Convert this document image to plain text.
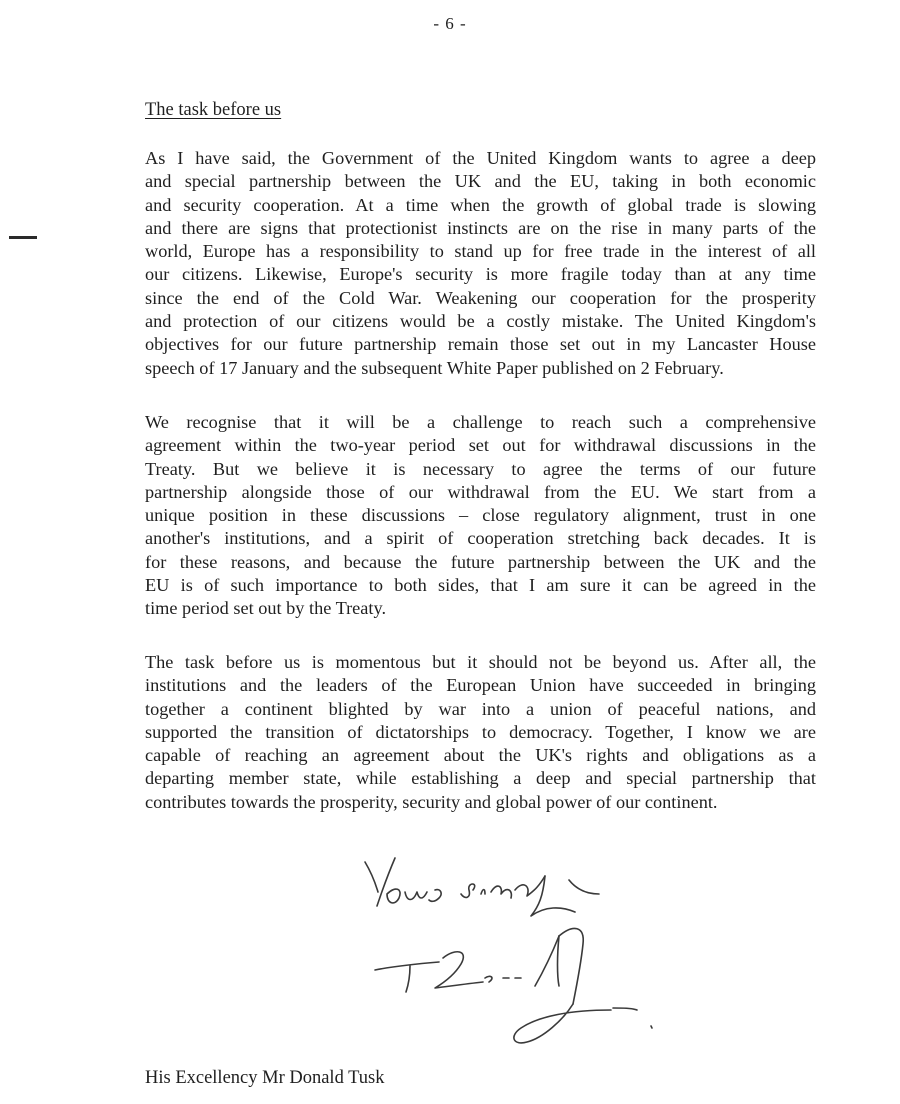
- 6 -
The task before us

As I have said, the Government of the United Kingdom wants to agree a deep
and special partnership between the UK and the EU, taking in both economic
and security cooperation. At a time when the growth of global trade is slowing
and there are signs that protectionist instincts are on the rise in many parts of the
world, Europe has a responsibility to stand up for free trade in the interest of all
our citizens. Likewise, Europe's security is more fragile today than at any time
since the end of the Cold War. Weakening our cooperation for the prosperity
and protection of our citizens would be a costly mistake. The United Kingdom's
objectives for our future partnership remain those set out in my Lancaster House
speech of 17 January and the subsequent White Paper published on 2 February.

We recognise that it will be a challenge to reach such a comprehensive
agreement within the two-year period set out for withdrawal discussions in the
Treaty. But we believe it is necessary to agree the terms of our future
partnership alongside those of our withdrawal from the EU. We start from a
unique position in these discussions – close regulatory alignment, trust in one
another's institutions, and a spirit of cooperation stretching back decades. It is
for these reasons, and because the future partnership between the UK and the
EU is of such importance to both sides, that I am sure it can be agreed in the
time period set out by the Treaty.

The task before us is momentous but it should not be beyond us. After all, the
institutions and the leaders of the European Union have succeeded in bringing
together a continent blighted by war into a union of peaceful nations, and
supported the transition of dictatorships to democracy. Together, I know we are
capable of reaching an agreement about the UK's rights and obligations as a
departing member state, while establishing a deep and special partnership that
contributes towards the prosperity, security and global power of our continent.

His Excellency Mr Donald Tusk
